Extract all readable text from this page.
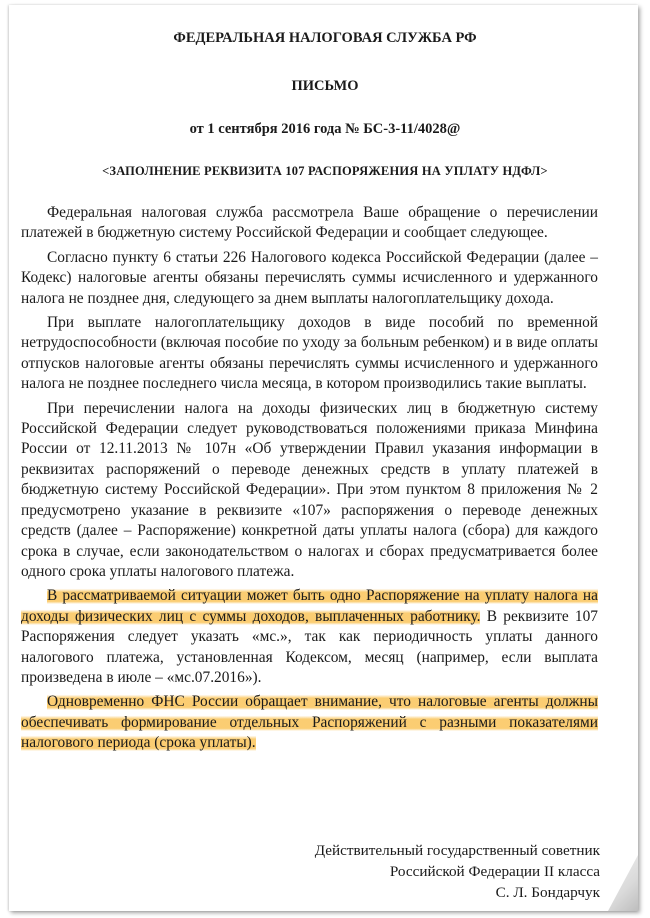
ФЕДЕРАЛЬНАЯ НАЛОГОВАЯ СЛУЖБА РФ
ПИСЬМО
от 1 сентября 2016 года № БС-3-11/4028@
<ЗАПОЛНЕНИЕ РЕКВИЗИТА 107 РАСПОРЯЖЕНИЯ НА УПЛАТУ НДФЛ>

Федеральная налоговая служба рассмотрела Ваше обращение о перечислении платежей в бюджетную систему Российской Федерации и сообщает следующее.

Согласно пункту 6 статьи 226 Налогового кодекса Российской Федерации (далее – Кодекс) налоговые агенты обязаны перечислять суммы исчисленного и удержанного налога не позднее дня, следующего за днем выплаты налогоплательщику дохода.

При выплате налогоплательщику доходов в виде пособий по временной нетрудоспособности (включая пособие по уходу за больным ребенком) и в виде оплаты отпусков налоговые агенты обязаны перечислять суммы исчисленного и удержанного налога не позднее последнего числа месяца, в котором производились такие выплаты.

При перечислении налога на доходы физических лиц в бюджетную систему Российской Федерации следует руководствоваться положениями приказа Минфина России от 12.11.2013 № 107н «Об утверждении Правил указания информации в реквизитах распоряжений о переводе денежных средств в уплату платежей в бюджетную систему Российской Федерации». При этом пунктом 8 приложения № 2 предусмотрено указание в реквизите «107» распоряжения о переводе денежных средств (далее – Распоряжение) конкретной даты уплаты налога (сбора) для каждого срока в случае, если законодательством о налогах и сборах предусматривается более одного срока уплаты налогового платежа.

В рассматриваемой ситуации может быть одно Распоряжение на уплату налога на доходы физических лиц с суммы доходов, выплаченных работнику. В реквизите 107 Распоряжения следует указать «мс.», так как периодичность уплаты данного налогового платежа, установленная Кодексом, месяц (например, если выплата произведена в июле – «мс.07.2016»).

Одновременно ФНС России обращает внимание, что налоговые агенты должны обеспечивать формирование отдельных Распоряжений с разными показателями налогового периода (срока уплаты).

Действительный государственный советник
Российской Федерации II класса
С. Л. Бондарчук
